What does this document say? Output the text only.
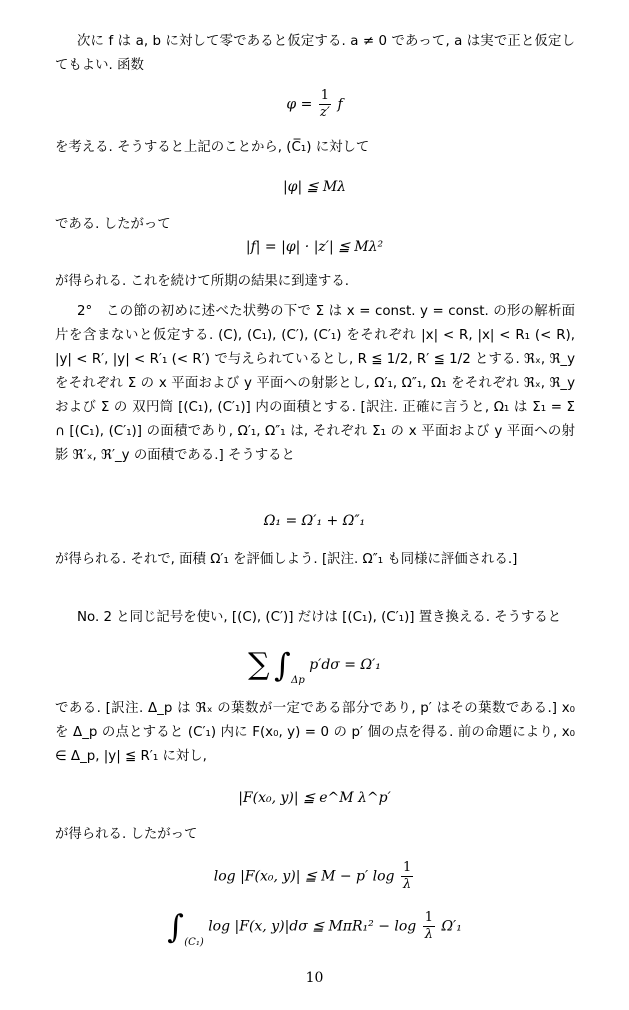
次に f は a, b に対して零であると仮定する. a ≠ 0 であって, a は実で正と仮定してもよい. 函数

$\varphi = \frac{1}{z'}$ f

を考える. そうすると上記のことから, (C̅₁) に対して

|φ| ≦ Mλ

である. したがって

|f| = |φ| · |z′| ≦ Mλ²

が得られる. これを続けて所期の結果に到達する.

2°　この節の初めに述べた状勢の下で Σ は x = const. y = const. の形の解析面片を含まないと仮定する. (C), (C₁), (C′), (C′₁) をそれぞれ |x| < R, |x| < R₁ (< R), |y| < R′, |y| < R′₁ (< R′) で与えられているとし, R ≦ 1/2, R′ ≦ 1/2 とする. ℜₓ, ℜ_y をそれぞれ Σ の x 平面および y 平面への射影とし, Ω′₁, Ω″₁, Ω₁ をそれぞれ ℜₓ, ℜ_y および Σ の 双円筒 [(C₁), (C′₁)] 内の面積とする. [訳注. 正確に言うと, Ω₁ は Σ₁ = Σ ∩ [(C₁), (C′₁)] の面積であり, Ω′₁, Ω″₁ は, それぞれ Σ₁ の x 平面および y 平面への射影 ℜ′ₓ, ℜ′_y の面積である.] そうすると

Ω₁ = Ω′₁ + Ω″₁

が得られる. それで, 面積 Ω′₁ を評価しよう. [訳注. Ω″₁ も同様に評価される.]

No. 2 と同じ記号を使い, [(C), (C′)] だけは [(C₁), (C′₁)] 置き換える. そうすると

∑ ∫ $_{\Delta p}$ p′dσ = Ω′₁

である. [訳注. Δ_p は ℜₓ の葉数が一定である部分であり, p′ はその葉数である.] x₀ を Δ_p の点とすると (C′₁) 内に F(x₀, y) = 0 の p′ 個の点を得る. 前の命題により, x₀ ∈ Δ_p, |y| ≦ R′₁ に対し,

|F(x₀, y)| ≦ e^M λ^p′

が得られる. したがって

log |F(x₀, y)| ≦ M − p′ $\log \frac{1}{\lambda}$
∫ $_{(C_1)}$ log |F(x, y)|dσ ≦ $M\pi R_1^2 - \log \frac{1}{\lambda} \Omega'_1$
10
